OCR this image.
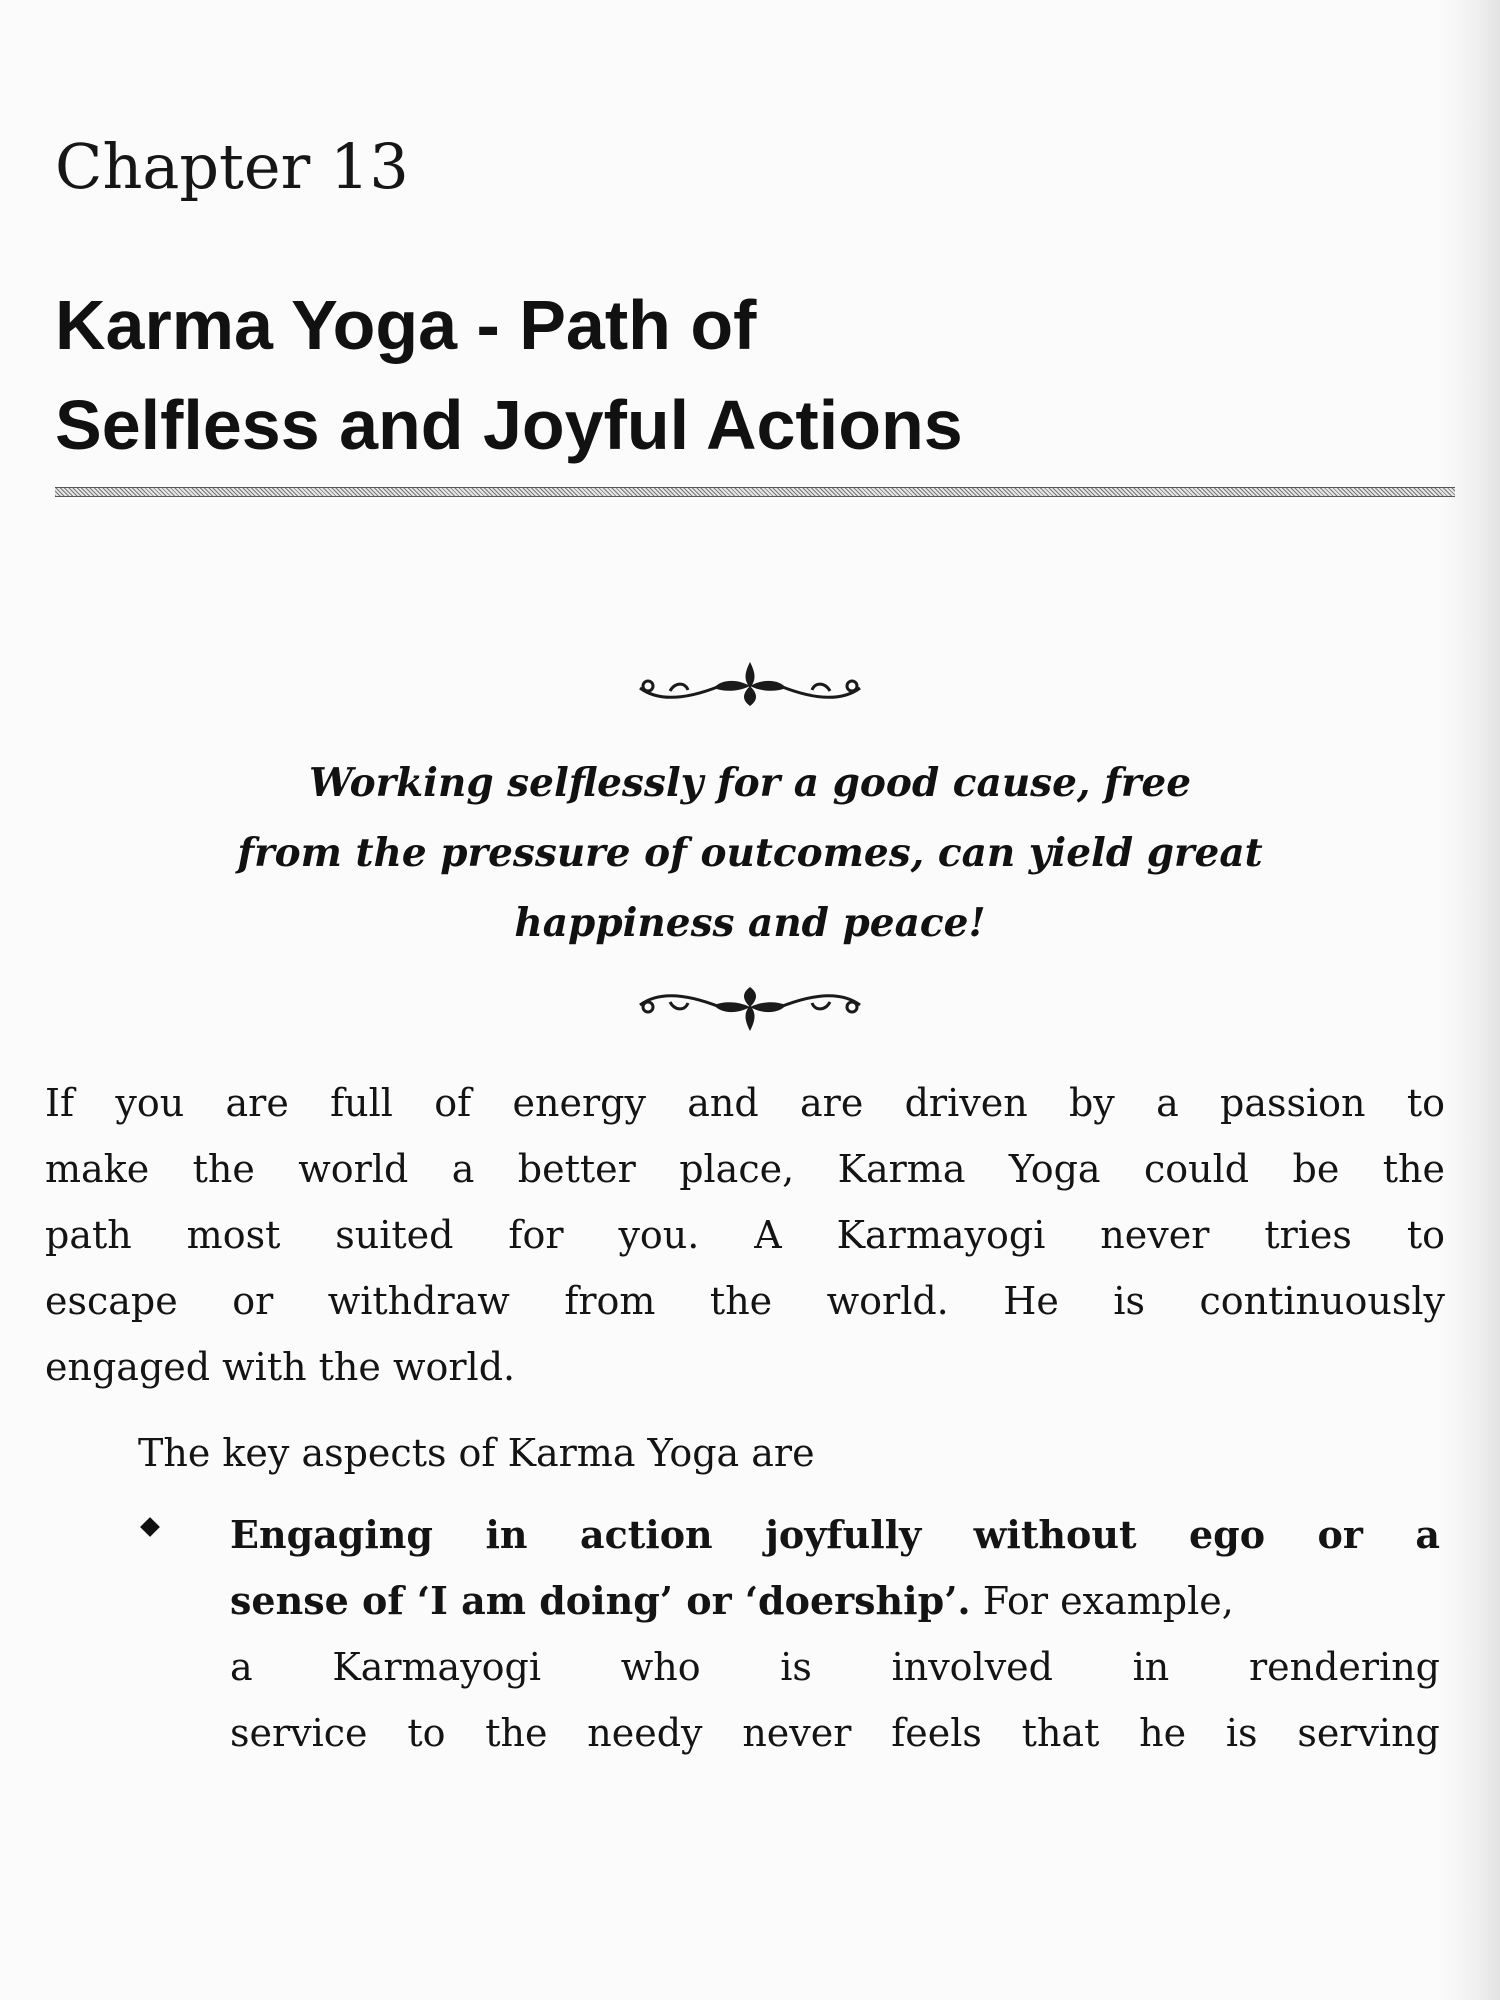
Chapter 13
Karma Yoga - Path of
Selfless and Joyful Actions
Working selflessly for a good cause, free
from the pressure of outcomes, can yield great
happiness and peace!
If you are full of energy and are driven by a passion to
make the world a better place, Karma Yoga could be the
path most suited for you. A Karmayogi never tries to
escape or withdraw from the world. He is continuously
engaged with the world.
The key aspects of Karma Yoga are
Engaging in action joyfully without ego or a
sense of ‘I am doing’ or ‘doership’. For example,
a Karmayogi who is involved in rendering
service to the needy never feels that he is serving
